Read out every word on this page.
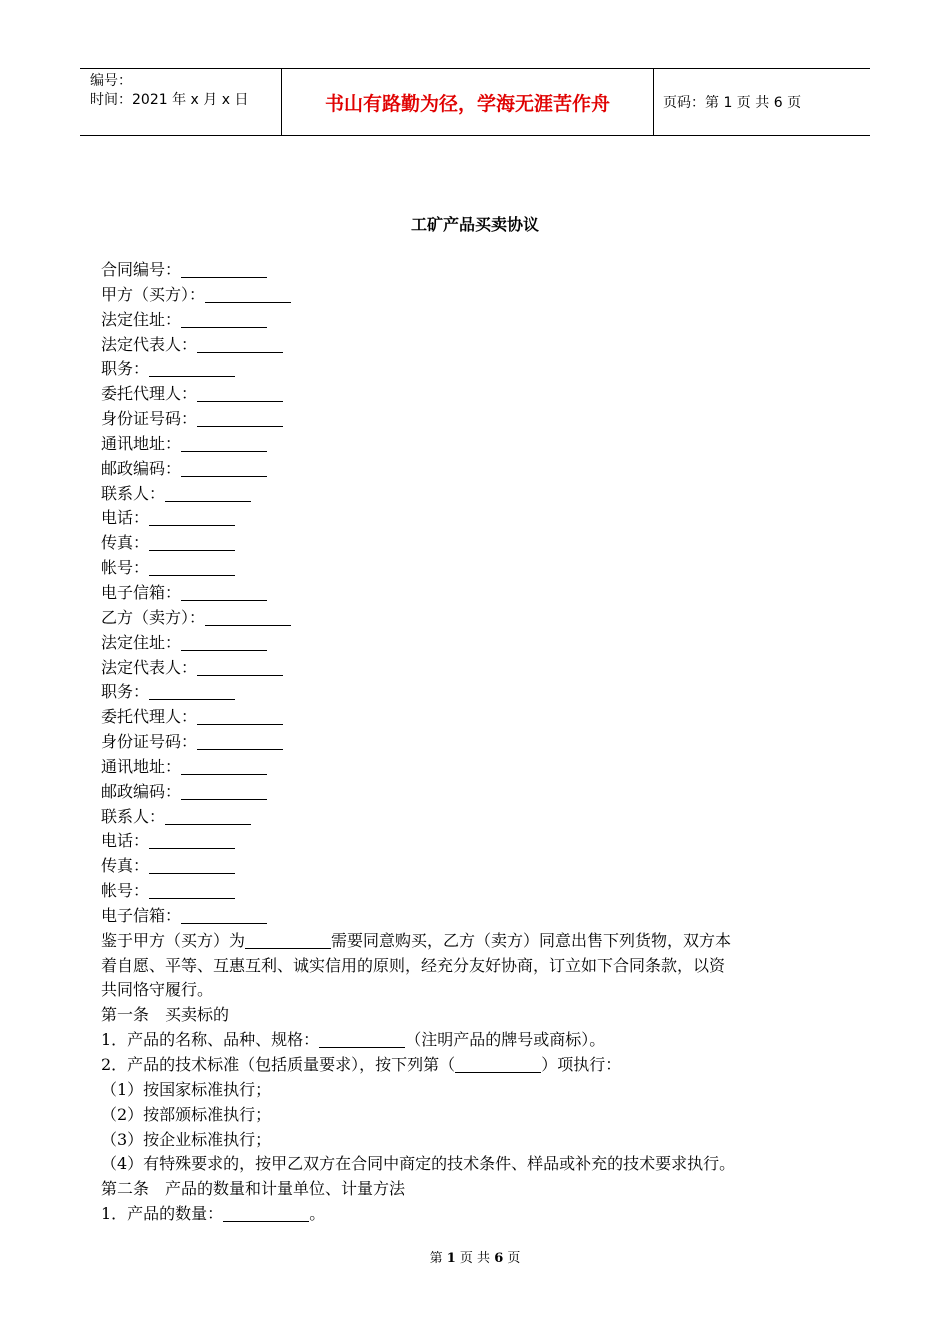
编号：
时间：2021 年 x 月 x 日	书山有路勤为径，学海无涯苦作舟	页码：第 1 页 共 6 页
工矿产品买卖协议
合同编号：
甲方（买方）：
法定住址：
法定代表人：
职务：
委托代理人：
身份证号码：
通讯地址：
邮政编码：
联系人：
电话：
传真：
帐号：
电子信箱：
乙方（卖方）：
法定住址：
法定代表人：
职务：
委托代理人：
身份证号码：
通讯地址：
邮政编码：
联系人：
电话：
传真：
帐号：
电子信箱：
鉴于甲方（买方）为	需要同意购买，乙方（卖方）同意出售下列货物，双方本
着自愿、平等、互惠互利、诚实信用的原则，经充分友好协商，订立如下合同条款，以资
共同恪守履行。
第一条　买卖标的
1．产品的名称、品种、规格：	（注明产品的牌号或商标）。
2．产品的技术标准（包括质量要求），按下列第（	）项执行：
（1）按国家标准执行；
（2）按部颁标准执行；
（3）按企业标准执行；
（4）有特殊要求的，按甲乙双方在合同中商定的技术条件、样品或补充的技术要求执行。
第二条　产品的数量和计量单位、计量方法
1．产品的数量：	。
第 1 页 共 6 页
